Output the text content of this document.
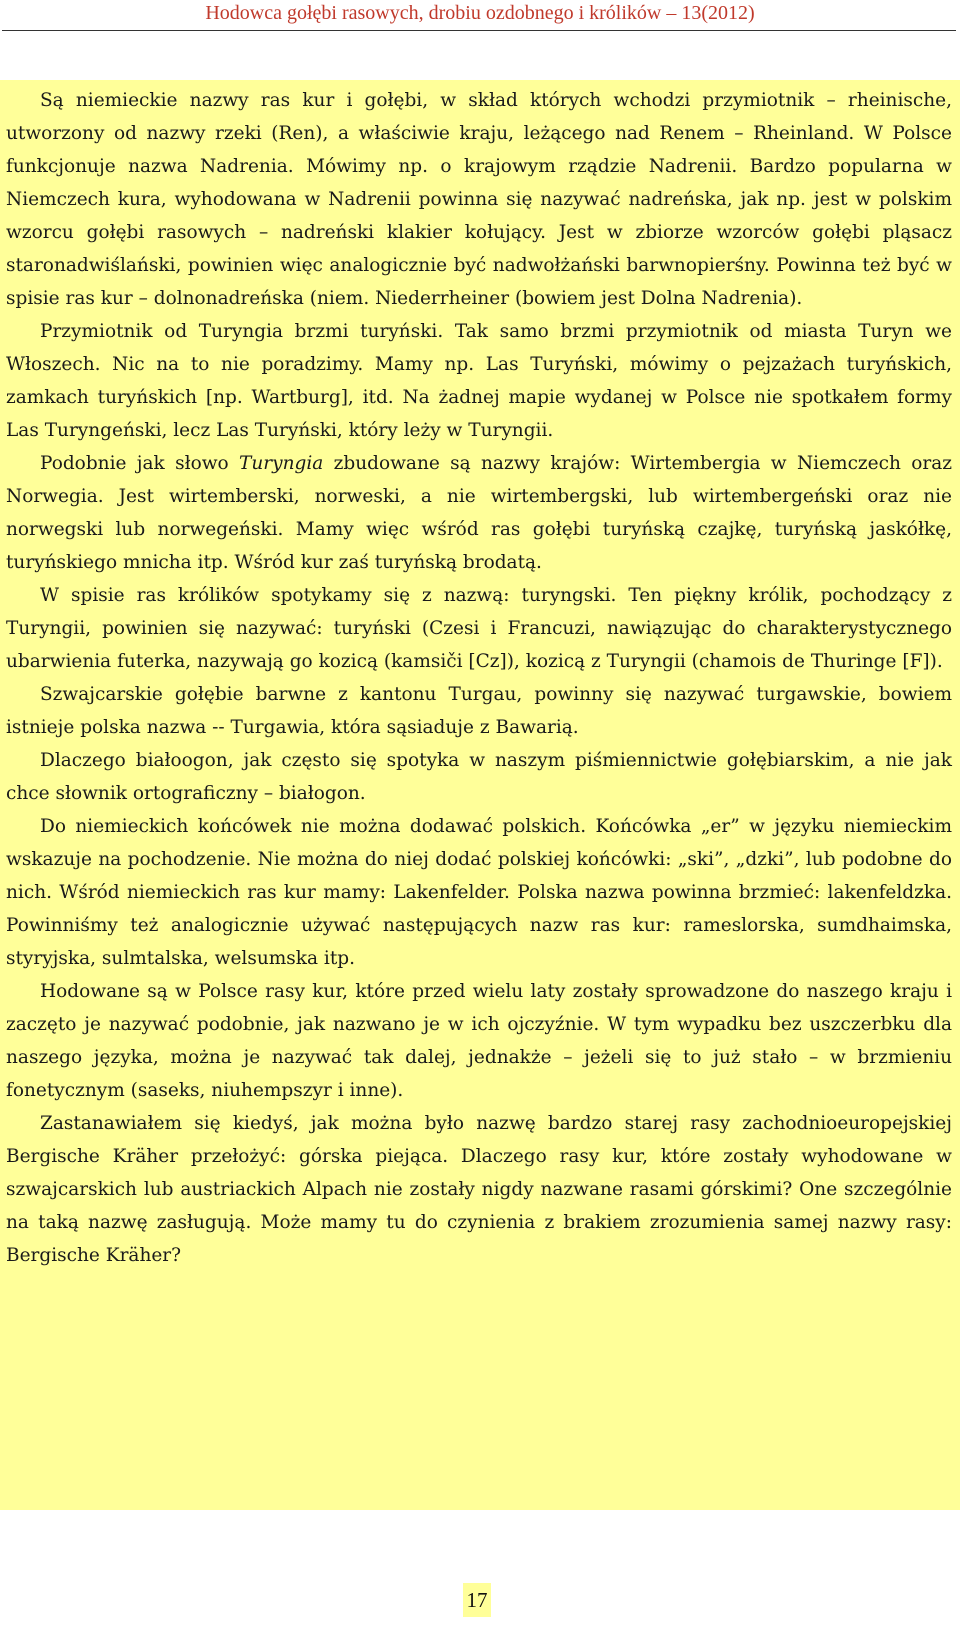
Hodowca gołębi rasowych, drobiu ozdobnego i królików – 13(2012)

Są niemieckie nazwy ras kur i gołębi, w skład których wchodzi przymiotnik – rheinische, utworzony od nazwy rzeki (Ren), a właściwie kraju, leżącego nad Renem – Rheinland. W Polsce funkcjonuje nazwa Nadrenia. Mówimy np. o krajowym rządzie Nadrenii. Bardzo popularna w Niemczech kura, wyhodowana w Nadrenii powinna się nazywać nadreńska, jak np. jest w polskim wzorcu gołębi rasowych – nadreński klakier kołujący. Jest w zbiorze wzorców gołębi pląsacz staronadwiślański, powinien więc analogicznie być nadwołżański barwnopierśny. Powinna też być w spisie ras kur – dolnonadreńska (niem. Niederrheiner (bowiem jest Dolna Nadrenia).

Przymiotnik od Turyngia brzmi turyński. Tak samo brzmi przymiotnik od miasta Turyn we Włoszech. Nic na to nie poradzimy. Mamy np. Las Turyński, mówimy o pejzażach turyńskich, zamkach turyńskich [np. Wartburg], itd. Na żadnej mapie wydanej w Polsce nie spotkałem formy Las Turyngeński, lecz Las Turyński, który leży w Turyngii.

Podobnie jak słowo Turyngia zbudowane są nazwy krajów: Wirtembergia w Niemczech oraz Norwegia. Jest wirtemberski, norweski, a nie wirtembergski, lub wirtembergeński oraz nie norwegski lub norwegeński. Mamy więc wśród ras gołębi turyńską czajkę, turyńską jaskółkę, turyńskiego mnicha itp. Wśród kur zaś turyńską brodatą.

W spisie ras królików spotykamy się z nazwą: turyngski. Ten piękny królik, pochodzący z Turyngii, powinien się nazywać: turyński (Czesi i Francuzi, nawiązując do charakterystycznego ubarwienia futerka, nazywają go kozicą (kamsiči [Cz]), kozicą z Turyngii (chamois de Thuringe [F]).

Szwajcarskie gołębie barwne z kantonu Turgau, powinny się nazywać turgawskie, bowiem istnieje polska nazwa -- Turgawia, która sąsiaduje z Bawarią.

Dlaczego białoogon, jak często się spotyka w naszym piśmiennictwie gołębiarskim, a nie jak chce słownik ortograficzny – białogon.

Do niemieckich końcówek nie można dodawać polskich. Końcówka „er” w języku niemieckim wskazuje na pochodzenie. Nie można do niej dodać polskiej końcówki: „ski”, „dzki”, lub podobne do nich. Wśród niemieckich ras kur mamy: Lakenfelder. Polska nazwa powinna brzmieć: lakenfeldzka. Powinniśmy też analogicznie używać następujących nazw ras kur: rameslorska, sumdhaimska, styryjska, sulmtalska, welsumska itp.

Hodowane są w Polsce rasy kur, które przed wielu laty zostały sprowadzone do naszego kraju i zaczęto je nazywać podobnie, jak nazwano je w ich ojczyźnie. W tym wypadku bez uszczerbku dla naszego języka, można je nazywać tak dalej, jednakże – jeżeli się to już stało – w brzmieniu fonetycznym (saseks, niuhempszyr i inne).

Zastanawiałem się kiedyś, jak można było nazwę bardzo starej rasy zachodnioeuropejskiej Bergische Kräher przełożyć: górska piejąca. Dlaczego rasy kur, które zostały wyhodowane w szwajcarskich lub austriackich Alpach nie zostały nigdy nazwane rasami górskimi? One szczególnie na taką nazwę zasługują. Może mamy tu do czynienia z brakiem zrozumienia samej nazwy rasy: Bergische Kräher?

17
